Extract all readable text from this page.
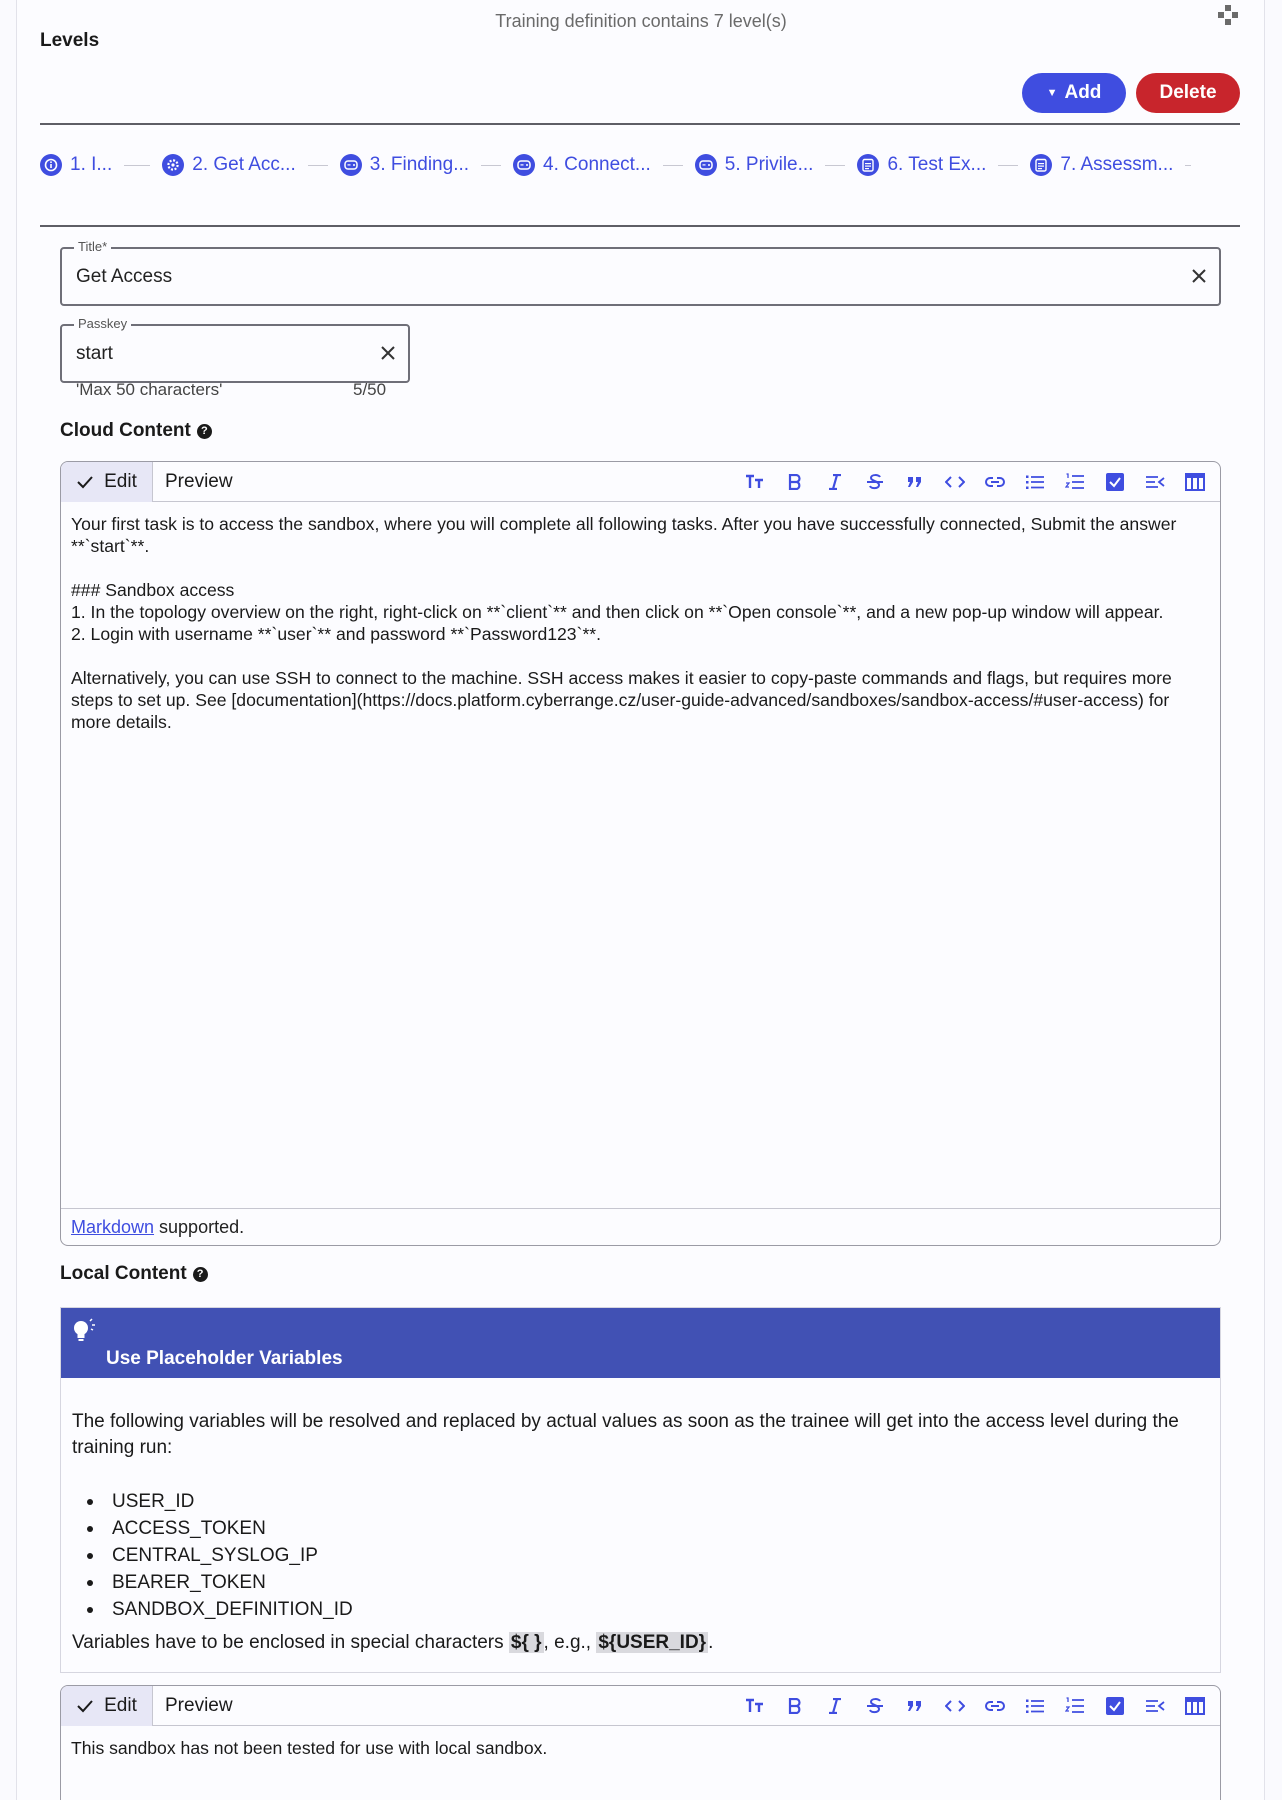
Training definition contains 7 level(s)
Levels
▼ Add	Delete
1. I...	2. Get Acc...	3. Finding...	4. Connect...	5. Privile...	6. Test Ex...	7. Assessm...
Title*
Get Access
Passkey
start
'Max 50 characters'	5/50
Cloud Content ?
Edit Preview
Your first task is to access the sandbox, where you will complete all following tasks. After you have successfully connected, Submit the answer **`start`**.

### Sandbox access
1. In the topology overview on the right, right-click on **`client`** and then click on **`Open console`**, and a new pop-up window will appear.
2. Login with username **`user`** and password **`Password123`**.

Alternatively, you can use SSH to connect to the machine. SSH access makes it easier to copy-paste commands and flags, but requires more steps to set up. See [documentation](https://docs.platform.cyberrange.cz/user-guide-advanced/sandboxes/sandbox-access/#user-access) for more details.
Markdown supported.
Local Content ?
Use Placeholder Variables
The following variables will be resolved and replaced by actual values as soon as the trainee will get into the access level during the training run:
USER_ID
ACCESS_TOKEN
CENTRAL_SYSLOG_IP
BEARER_TOKEN
SANDBOX_DEFINITION_ID
Variables have to be enclosed in special characters ${ } , e.g., ${USER_ID} .
Edit Preview
This sandbox has not been tested for use with local sandbox.
